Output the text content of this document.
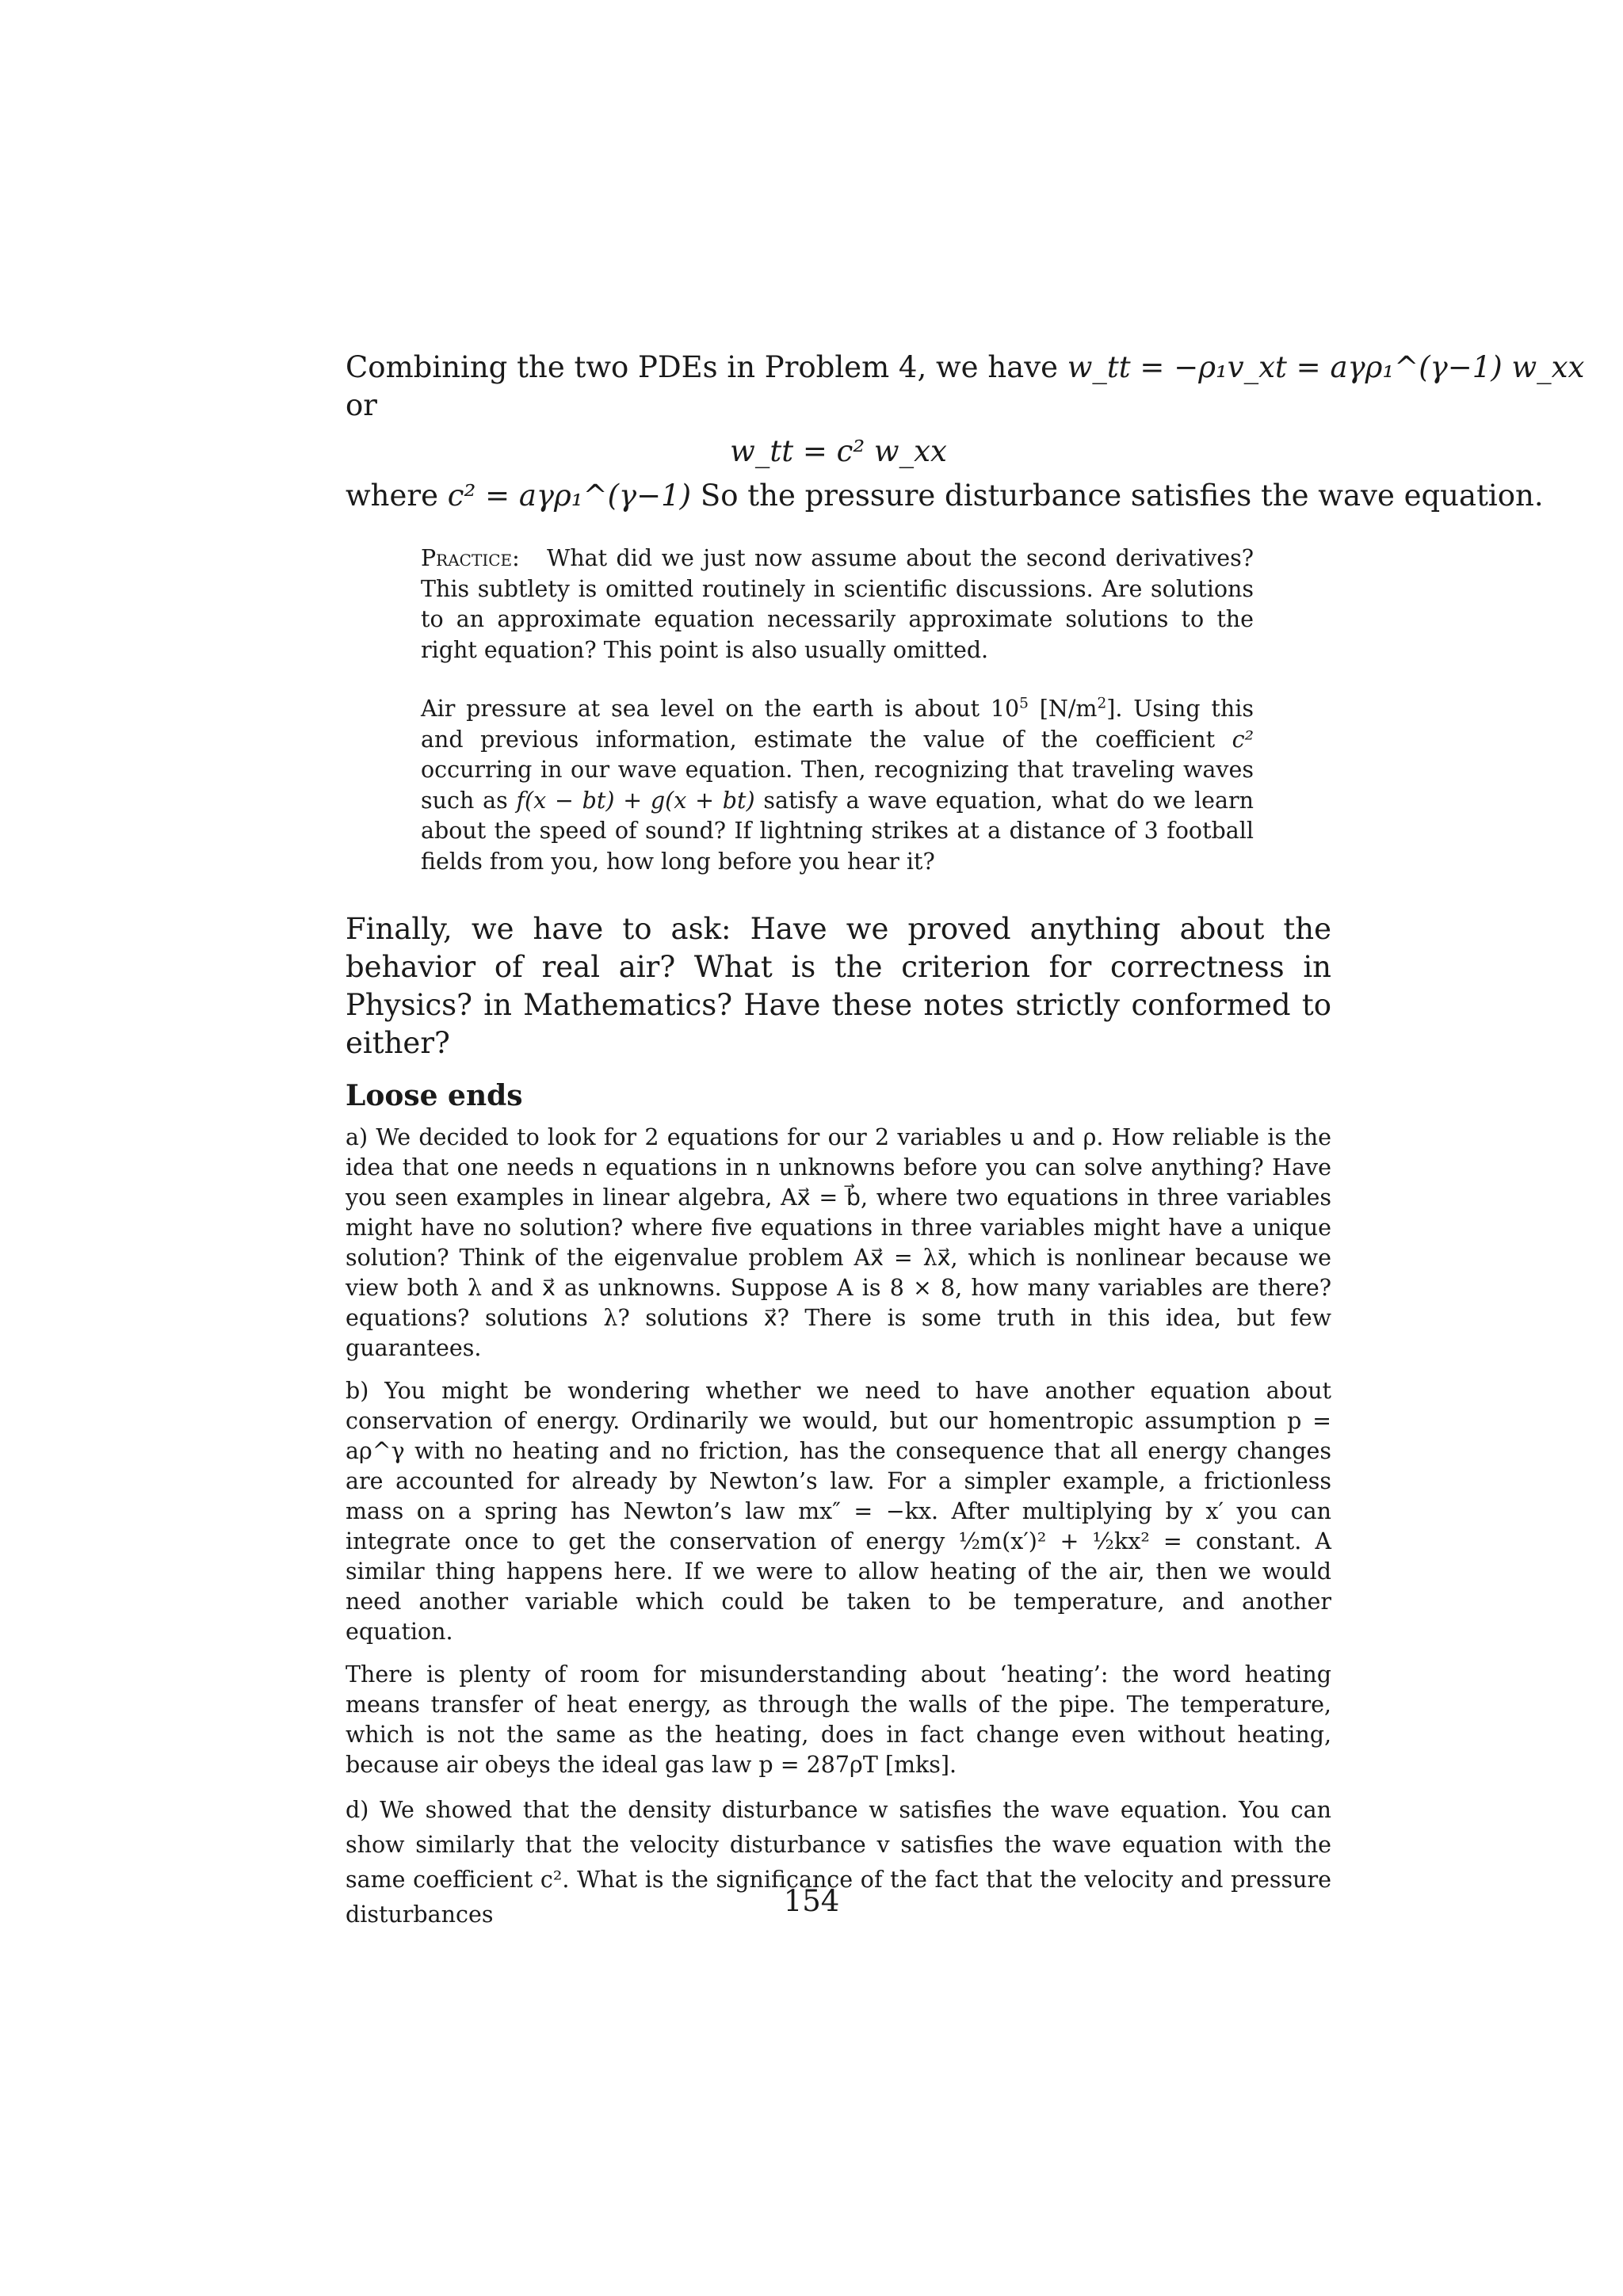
Combining the two PDEs in Problem 4, we have w_tt = −ρ₁v_xt = aγρ₁^(γ−1) w_xx
or
w_tt = c² w_xx
where c² = aγρ₁^(γ−1) So the pressure disturbance satisfies the wave equation.

Practice: What did we just now assume about the second derivatives? This subtlety is omitted routinely in scientific discussions. Are solutions to an approximate equation necessarily approximate solutions to the right equation? This point is also usually omitted.

Air pressure at sea level on the earth is about $10^5$ $[N/m^2]$. Using this and previous information, estimate the value of the coefficient c² occurring in our wave equation. Then, recognizing that traveling waves such as f(x − bt) + g(x + bt) satisfy a wave equation, what do we learn about the speed of sound? If lightning strikes at a distance of 3 football fields from you, how long before you hear it?

Finally, we have to ask: Have we proved anything about the behavior of real air? What is the criterion for correctness in Physics? in Mathematics? Have these notes strictly conformed to either?

Loose ends

a) We decided to look for 2 equations for our 2 variables u and ρ. How reliable is the idea that one needs n equations in n unknowns before you can solve anything? Have you seen examples in linear algebra, Ax⃗ = b⃗, where two equations in three variables might have no solution? where five equations in three variables might have a unique solution? Think of the eigenvalue problem Ax⃗ = λx⃗, which is nonlinear because we view both λ and x⃗ as unknowns. Suppose A is 8 × 8, how many variables are there? equations? solutions λ? solutions x⃗? There is some truth in this idea, but few guarantees.

b) You might be wondering whether we need to have another equation about conservation of energy. Ordinarily we would, but our homentropic assumption p = aρ^γ with no heating and no friction, has the consequence that all energy changes are accounted for already by Newton’s law. For a simpler example, a frictionless mass on a spring has Newton’s law mx″ = −kx. After multiplying by x′ you can integrate once to get the conservation of energy ½m(x′)² + ½kx² = constant. A similar thing happens here. If we were to allow heating of the air, then we would need another variable which could be taken to be temperature, and another equation.

There is plenty of room for misunderstanding about ‘heating’: the word heating means transfer of heat energy, as through the walls of the pipe. The temperature, which is not the same as the heating, does in fact change even without heating, because air obeys the ideal gas law p = 287ρT [mks].

d) We showed that the density disturbance w satisfies the wave equation. You can show similarly that the velocity disturbance v satisfies the wave equation with the same coefficient c². What is the significance of the fact that the velocity and pressure disturbances	154
